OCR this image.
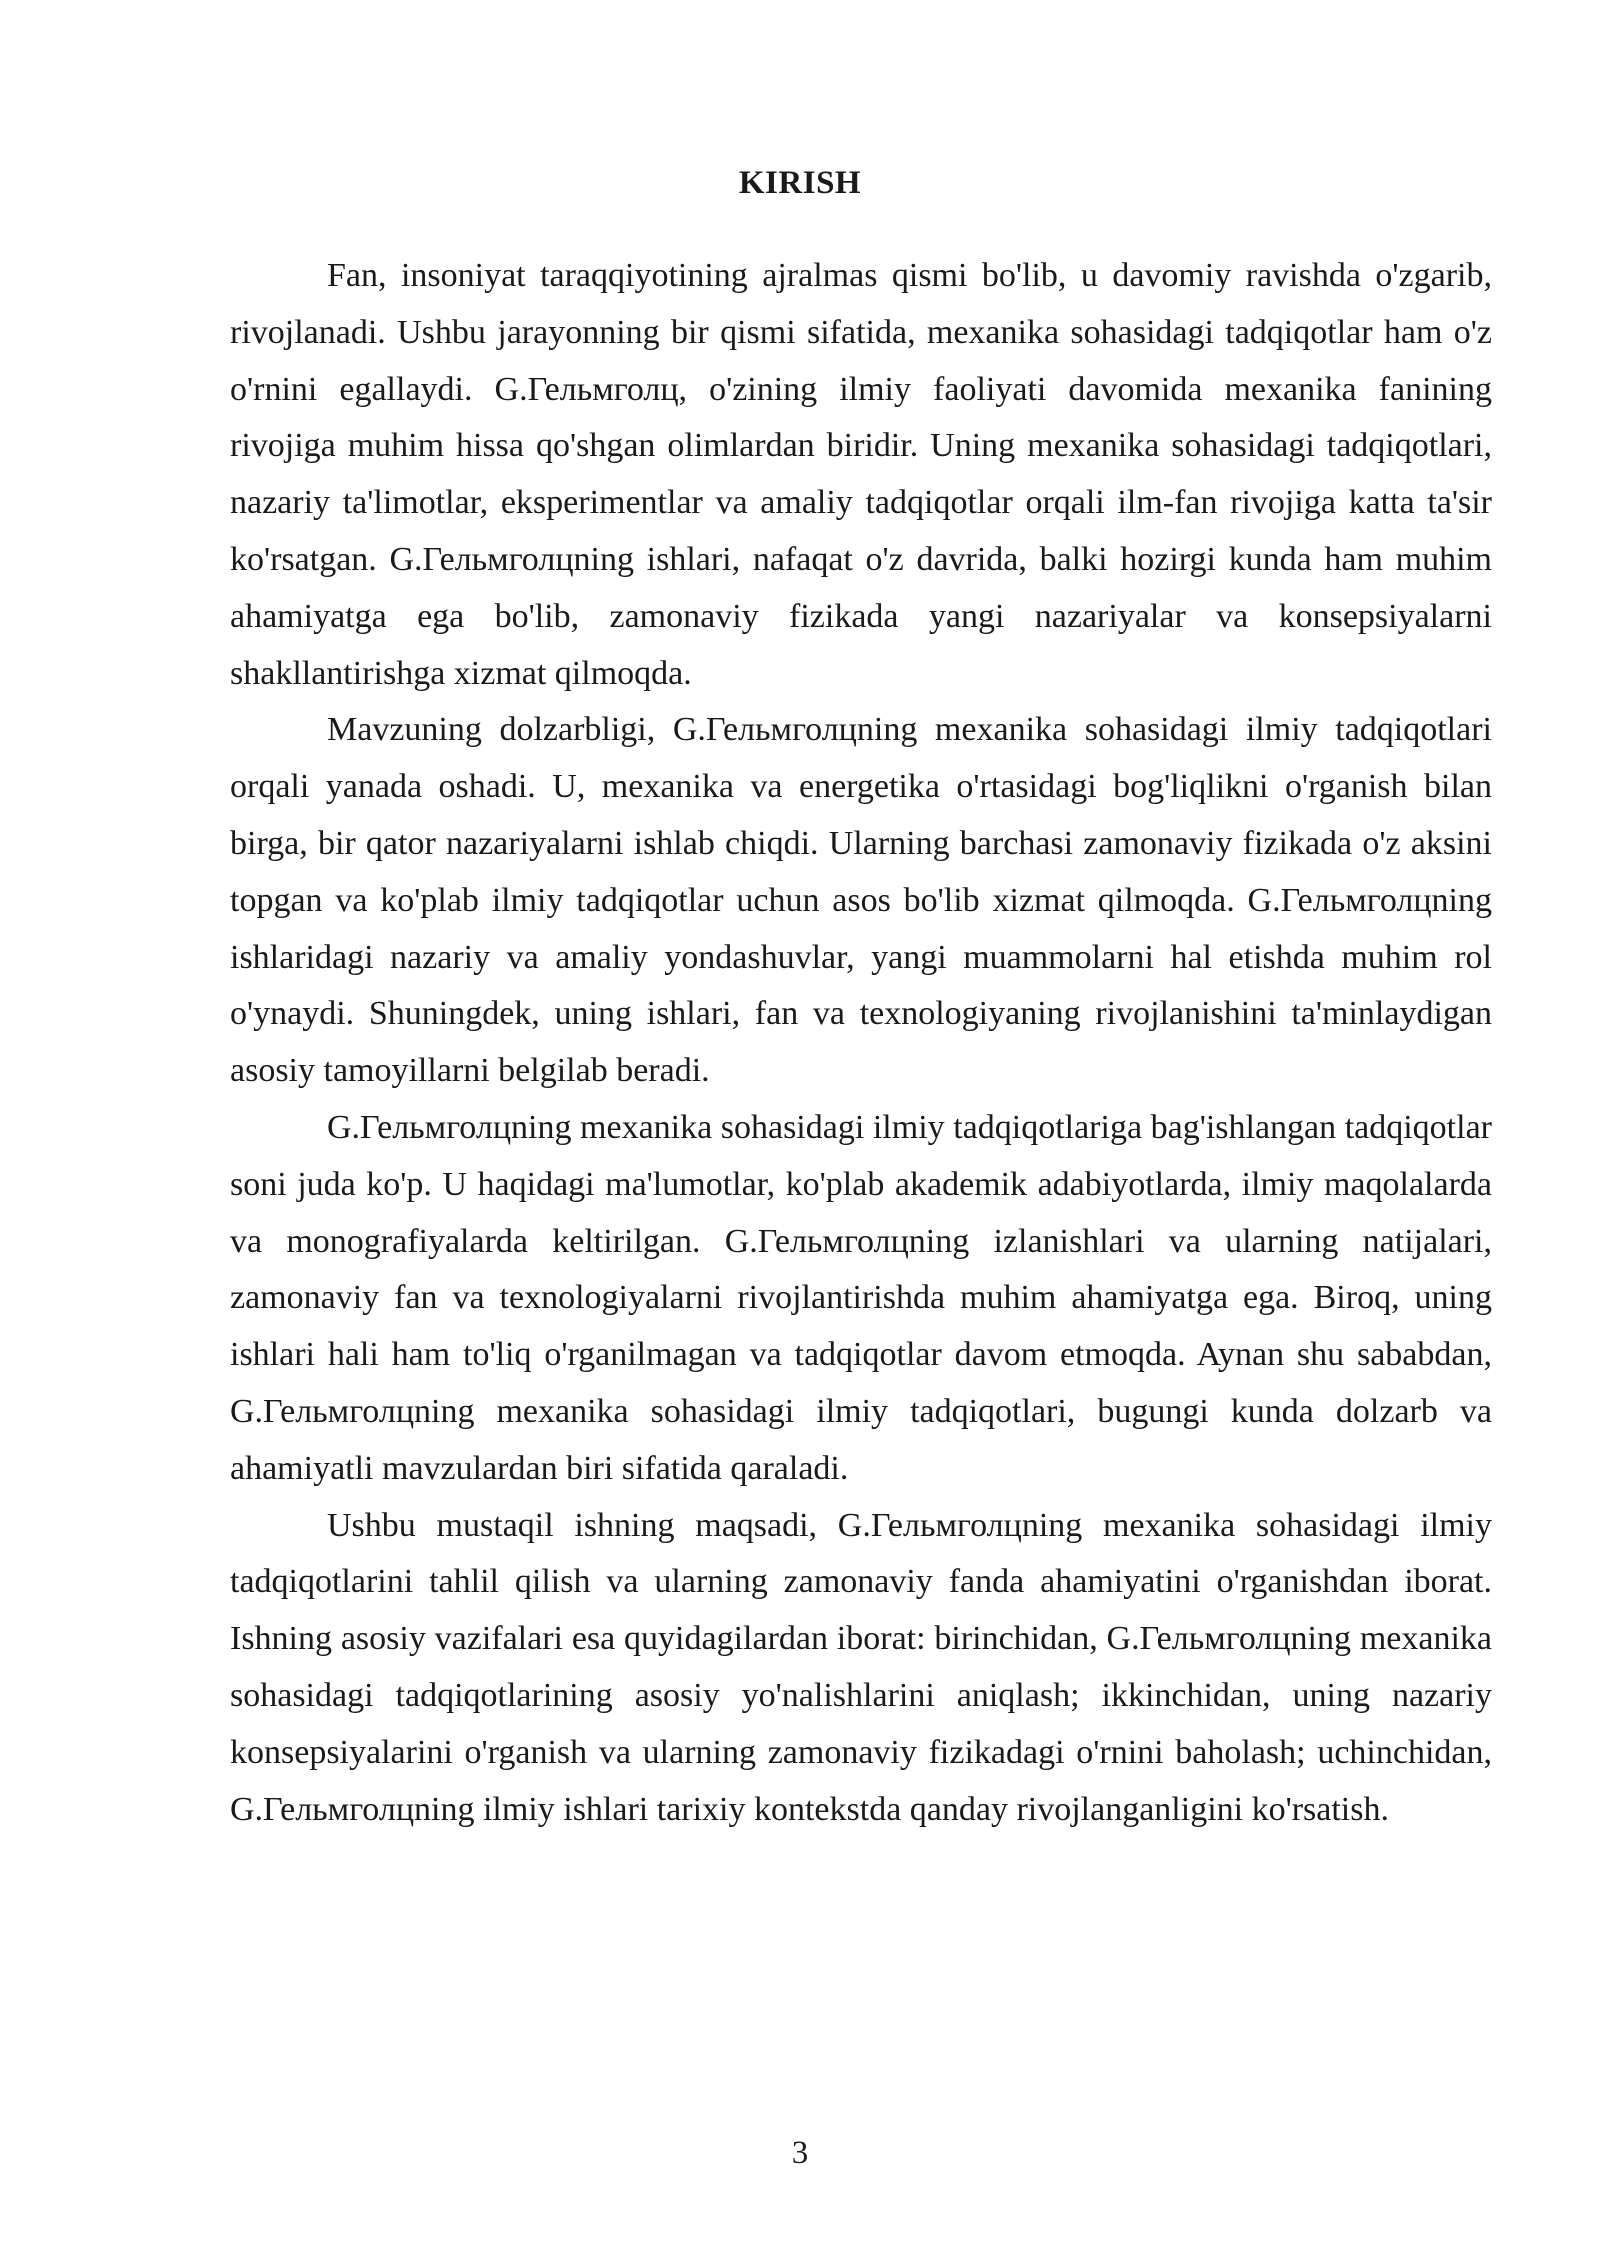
KIRISH

Fan, insoniyat taraqqiyotining ajralmas qismi bo'lib, u davomiy ravishda o'zgarib, rivojlanadi. Ushbu jarayonning bir qismi sifatida, mexanika sohasidagi tadqiqotlar ham o'z o'rnini egallaydi. G.Гельмголц, o'zining ilmiy faoliyati davomida mexanika fanining rivojiga muhim hissa qo'shgan olimlardan biridir. Uning mexanika sohasidagi tadqiqotlari, nazariy ta'limotlar, eksperimentlar va amaliy tadqiqotlar orqali ilm-fan rivojiga katta ta'sir ko'rsatgan. G.Гельмголцning ishlari, nafaqat o'z davrida, balki hozirgi kunda ham muhim ahamiyatga ega bo'lib, zamonaviy fizikada yangi nazariyalar va konsepsiyalarni shakllantirishga xizmat qilmoqda.

Mavzuning dolzarbligi, G.Гельмголцning mexanika sohasidagi ilmiy tadqiqotlari orqali yanada oshadi. U, mexanika va energetika o'rtasidagi bog'liqlikni o'rganish bilan birga, bir qator nazariyalarni ishlab chiqdi. Ularning barchasi zamonaviy fizikada o'z aksini topgan va ko'plab ilmiy tadqiqotlar uchun asos bo'lib xizmat qilmoqda. G.Гельмголцning ishlaridagi nazariy va amaliy yondashuvlar, yangi muammolarni hal etishda muhim rol o'ynaydi. Shuningdek, uning ishlari, fan va texnologiyaning rivojlanishini ta'minlaydigan asosiy tamoyillarni belgilab beradi.

G.Гельмголцning mexanika sohasidagi ilmiy tadqiqotlariga bag'ishlangan tadqiqotlar soni juda ko'p. U haqidagi ma'lumotlar, ko'plab akademik adabiyotlarda, ilmiy maqolalarda va monografiyalarda keltirilgan. G.Гельмголцning izlanishlari va ularning natijalari, zamonaviy fan va texnologiyalarni rivojlantirishda muhim ahamiyatga ega. Biroq, uning ishlari hali ham to'liq o'rganilmagan va tadqiqotlar davom etmoqda. Aynan shu sababdan, G.Гельмголцning mexanika sohasidagi ilmiy tadqiqotlari, bugungi kunda dolzarb va ahamiyatli mavzulardan biri sifatida qaraladi.

Ushbu mustaqil ishning maqsadi, G.Гельмголцning mexanika sohasidagi ilmiy tadqiqotlarini tahlil qilish va ularning zamonaviy fanda ahamiyatini o'rganishdan iborat. Ishning asosiy vazifalari esa quyidagilardan iborat: birinchidan, G.Гельмголцning mexanika sohasidagi tadqiqotlarining asosiy yo'nalishlarini aniqlash; ikkinchidan, uning nazariy konsepsiyalarini o'rganish va ularning zamonaviy fizikadagi o'rnini baholash; uchinchidan, G.Гельмголцning ilmiy ishlari tarixiy kontekstda qanday rivojlanganligini ko'rsatish.

3
